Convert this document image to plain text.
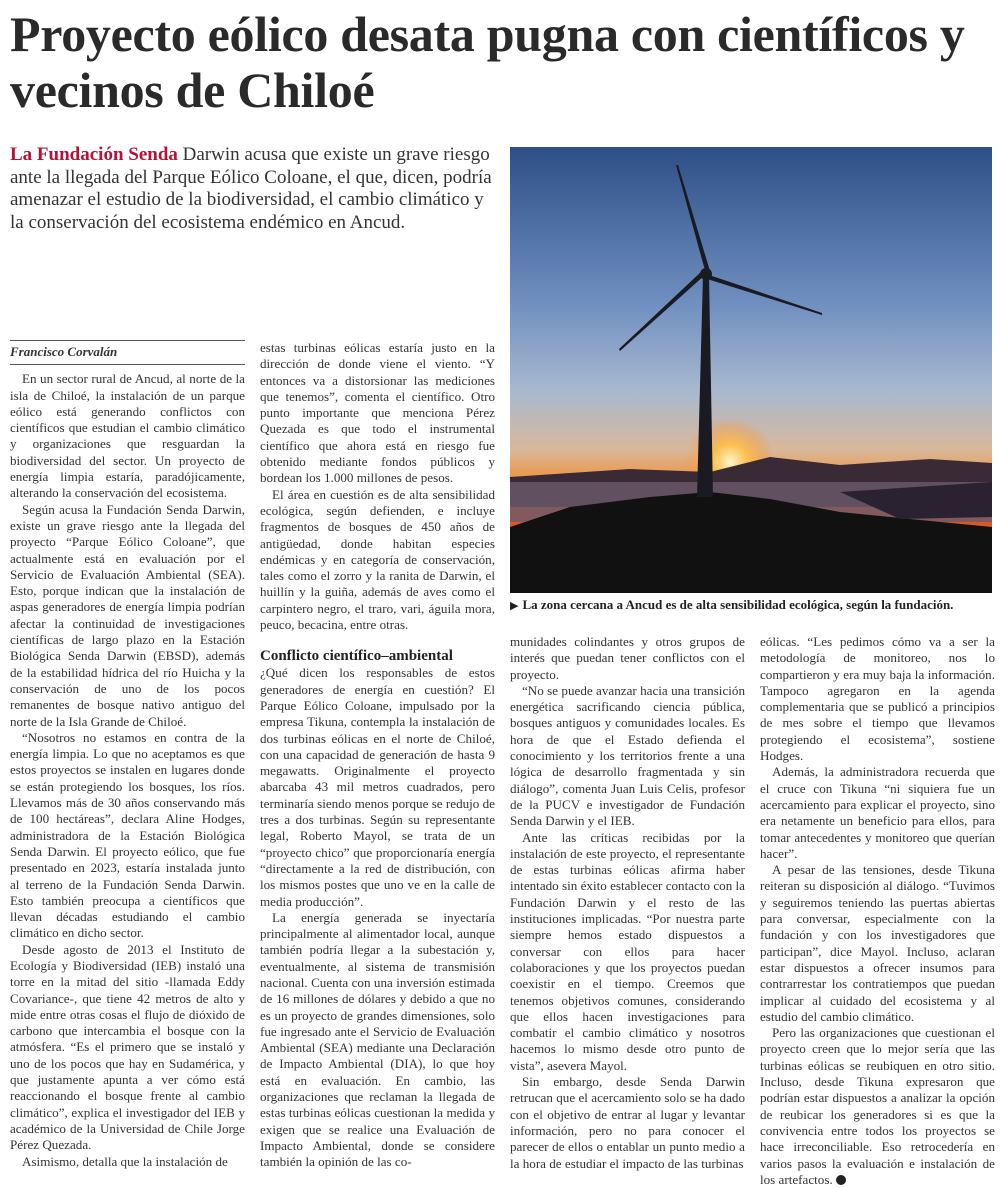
Proyecto eólico desata pugna con científicos y vecinos de Chiloé

La Fundación Senda Darwin acusa que existe un grave riesgo ante la llegada del Parque Eólico Coloane, el que, dicen, podría amenazar el estudio de la biodiversidad, el cambio climático y la conservación del ecosistema endémico en Ancud.

▶ La zona cercana a Ancud es de alta sensibilidad ecológica, según la fundación.

Francisco Corvalán

En un sector rural de Ancud, al norte de la isla de Chiloé, la instalación de un parque eólico está generando conflictos con científicos que estudian el cambio climático y organizaciones que resguardan la biodiversidad del sector. Un proyecto de energía limpia estaría, paradójicamente, alterando la conservación del ecosistema.

Según acusa la Fundación Senda Darwin, existe un grave riesgo ante la llegada del proyecto “Parque Eólico Coloane”, que actualmente está en evaluación por el Servicio de Evaluación Ambiental (SEA). Esto, porque indican que la instalación de aspas generadores de energía limpia podrían afectar la continuidad de investigaciones científicas de largo plazo en la Estación Biológica Senda Darwin (EBSD), además de la estabilidad hídrica del río Huicha y la conservación de uno de los pocos remanentes de bosque nativo antiguo del norte de la Isla Grande de Chiloé.

“Nosotros no estamos en contra de la energía limpia. Lo que no aceptamos es que estos proyectos se instalen en lugares donde se están protegiendo los bosques, los ríos. Llevamos más de 30 años conservando más de 100 hectáreas”, declara Aline Hodges, administradora de la Estación Biológica Senda Darwin. El proyecto eólico, que fue presentado en 2023, estaría instalada junto al terreno de la Fundación Senda Darwin. Esto también preocupa a científicos que llevan décadas estudiando el cambio climático en dicho sector.

Desde agosto de 2013 el Instituto de Ecología y Biodiversidad (IEB) instaló una torre en la mitad del sitio -llamada Eddy Covariance-, que tiene 42 metros de alto y mide entre otras cosas el flujo de dióxido de carbono que intercambia el bosque con la atmósfera. “Es el primero que se instaló y uno de los pocos que hay en Sudamérica, y que justamente apunta a ver cómo está reaccionando el bosque frente al cambio climático”, explica el investigador del IEB y académico de la Universidad de Chile Jorge Pérez Quezada.

Asimismo, detalla que la instalación de

estas turbinas eólicas estaría justo en la dirección de donde viene el viento. “Y entonces va a distorsionar las mediciones que tenemos”, comenta el científico. Otro punto importante que menciona Pérez Quezada es que todo el instrumental científico que ahora está en riesgo fue obtenido mediante fondos públicos y bordean los 1.000 millones de pesos.

El área en cuestión es de alta sensibilidad ecológica, según defienden, e incluye fragmentos de bosques de 450 años de antigüedad, donde habitan especies endémicas y en categoría de conservación, tales como el zorro y la ranita de Darwin, el huillín y la guiña, además de aves como el carpintero negro, el traro, vari, águila mora, peuco, becacina, entre otras.

Conflicto científico–ambiental

¿Qué dicen los responsables de estos generadores de energía en cuestión? El Parque Eólico Coloane, impulsado por la empresa Tikuna, contempla la instalación de dos turbinas eólicas en el norte de Chiloé, con una capacidad de generación de hasta 9 megawatts. Originalmente el proyecto abarcaba 43 mil metros cuadrados, pero terminaría siendo menos porque se redujo de tres a dos turbinas. Según su representante legal, Roberto Mayol, se trata de un “proyecto chico” que proporcionaría energía “directamente a la red de distribución, con los mismos postes que uno ve en la calle de media producción”.

La energía generada se inyectaría principalmente al alimentador local, aunque también podría llegar a la subestación y, eventualmente, al sistema de transmisión nacional. Cuenta con una inversión estimada de 16 millones de dólares y debido a que no es un proyecto de grandes dimensiones, solo fue ingresado ante el Servicio de Evaluación Ambiental (SEA) mediante una Declaración de Impacto Ambiental (DIA), lo que hoy está en evaluación. En cambio, las organizaciones que reclaman la llegada de estas turbinas eólicas cuestionan la medida y exigen que se realice una Evaluación de Impacto Ambiental, donde se considere también la opinión de las co-

munidades colindantes y otros grupos de interés que puedan tener conflictos con el proyecto.

“No se puede avanzar hacia una transición energética sacrificando ciencia pública, bosques antiguos y comunidades locales. Es hora de que el Estado defienda el conocimiento y los territorios frente a una lógica de desarrollo fragmentada y sin diálogo”, comenta Juan Luis Celis, profesor de la PUCV e investigador de Fundación Senda Darwin y el IEB.

Ante las críticas recibidas por la instalación de este proyecto, el representante de estas turbinas eólicas afirma haber intentado sin éxito establecer contacto con la Fundación Darwin y el resto de las instituciones implicadas. “Por nuestra parte siempre hemos estado dispuestos a conversar con ellos para hacer colaboraciones y que los proyectos puedan coexistir en el tiempo. Creemos que tenemos objetivos comunes, considerando que ellos hacen investigaciones para combatir el cambio climático y nosotros hacemos lo mismo desde otro punto de vista”, asevera Mayol.

Sin embargo, desde Senda Darwin retrucan que el acercamiento solo se ha dado con el objetivo de entrar al lugar y levantar información, pero no para conocer el parecer de ellos o entablar un punto medio a la hora de estudiar el impacto de las turbinas

eólicas. “Les pedimos cómo va a ser la metodología de monitoreo, nos lo compartieron y era muy baja la información. Tampoco agregaron en la agenda complementaria que se publicó a principios de mes sobre el tiempo que llevamos protegiendo el ecosistema”, sostiene Hodges.

Además, la administradora recuerda que el cruce con Tikuna “ni siquiera fue un acercamiento para explicar el proyecto, sino era netamente un beneficio para ellos, para tomar antecedentes y monitoreo que querían hacer”.

A pesar de las tensiones, desde Tikuna reiteran su disposición al diálogo. “Tuvimos y seguiremos teniendo las puertas abiertas para conversar, especialmente con la fundación y con los investigadores que participan”, dice Mayol. Incluso, aclaran estar dispuestos a ofrecer insumos para contrarrestar los contratiempos que puedan implicar al cuidado del ecosistema y al estudio del cambio climático.

Pero las organizaciones que cuestionan el proyecto creen que lo mejor sería que las turbinas eólicas se reubiquen en otro sitio. Incluso, desde Tikuna expresaron que podrían estar dispuestos a analizar la opción de reubicar los generadores si es que la convivencia entre todos los proyectos se hace irreconciliable. Eso retrocedería en varios pasos la evaluación e instalación de los artefactos.
